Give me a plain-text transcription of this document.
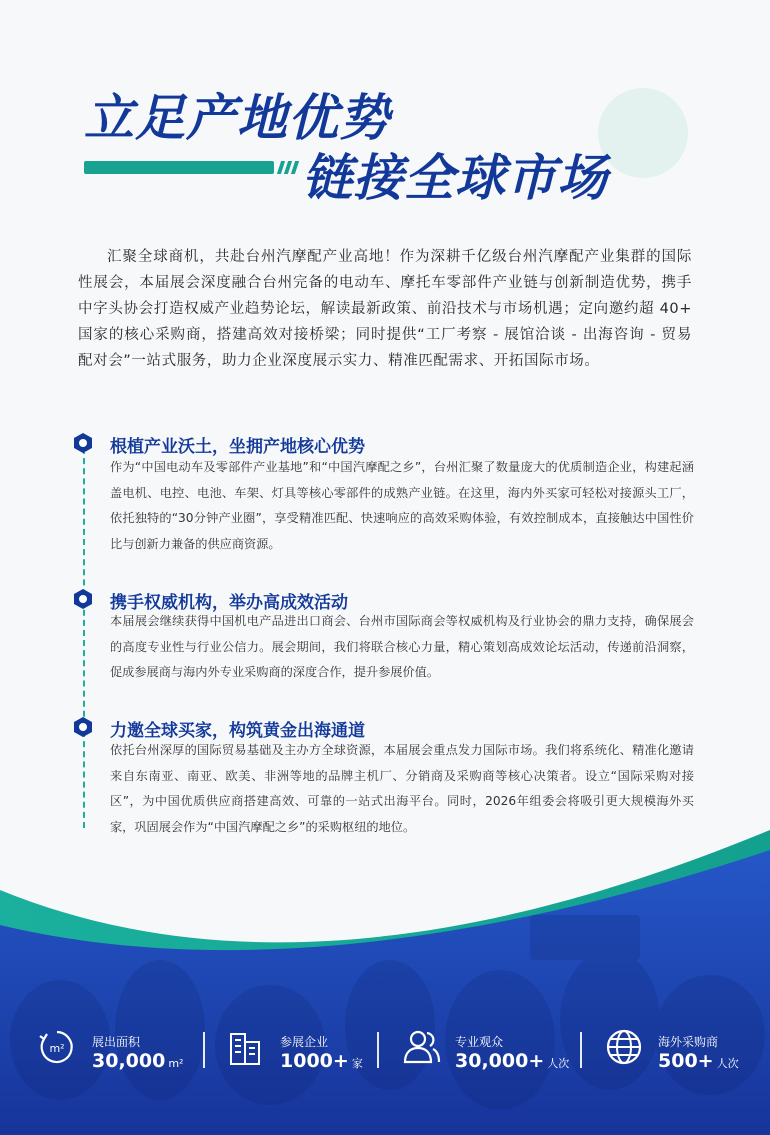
立足产地优势
链接全球市场

汇聚全球商机，共赴台州汽摩配产业高地！作为深耕千亿级台州汽摩配产业集群的国际性展会，本届展会深度融合台州完备的电动车、摩托车零部件产业链与创新制造优势，携手中字头协会打造权威产业趋势论坛，解读最新政策、前沿技术与市场机遇；定向邀约超 40+ 国家的核心采购商，搭建高效对接桥梁；同时提供“工厂考察 - 展馆洽谈 - 出海咨询 - 贸易配对会”一站式服务，助力企业深度展示实力、精准匹配需求、开拓国际市场。

根植产业沃土，坐拥产地核心优势

作为“中国电动车及零部件产业基地”和“中国汽摩配之乡”，台州汇聚了数量庞大的优质制造企业，构建起涵盖电机、电控、电池、车架、灯具等核心零部件的成熟产业链。在这里，海内外买家可轻松对接源头工厂，依托独特的“30分钟产业圈”，享受精准匹配、快速响应的高效采购体验，有效控制成本，直接触达中国性价比与创新力兼备的供应商资源。

携手权威机构，举办高成效活动

本届展会继续获得中国机电产品进出口商会、台州市国际商会等权威机构及行业协会的鼎力支持，确保展会的高度专业性与行业公信力。展会期间，我们将联合核心力量，精心策划高成效论坛活动，传递前沿洞察，促成参展商与海内外专业采购商的深度合作，提升参展价值。

力邀全球买家，构筑黄金出海通道

依托台州深厚的国际贸易基础及主办方全球资源，本届展会重点发力国际市场。我们将系统化、精准化邀请来自东南亚、南亚、欧美、非洲等地的品牌主机厂、分销商及采购商等核心决策者。设立“国际采购对接区”，为中国优质供应商搭建高效、可靠的一站式出海平台。同时，2026年组委会将吸引更大规模海外买家，巩固展会作为“中国汽摩配之乡”的采购枢纽的地位。

m² 展出面积
30,000 m²
参展企业
1000+ 家
专业观众
30,000+ 人次
海外采购商
500+ 人次
